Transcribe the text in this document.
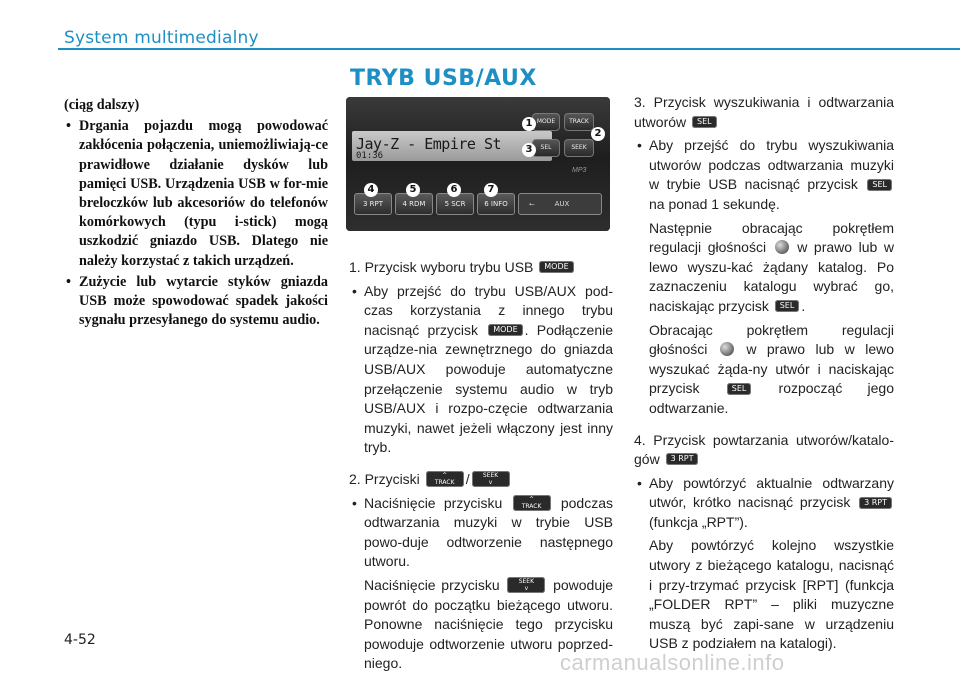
System multimedialny
TRYB USB/AUX
(ciąg dalszy)
• Drgania pojazdu mogą powodować zakłócenia połączenia, uniemożliwiają-ce prawidłowe działanie dysków lub pamięci USB. Urządzenia USB w for-mie breloczków lub akcesoriów do telefonów komórkowych (typu i-stick) mogą uszkodzić gniazdo USB. Dlatego nie należy korzystać z takich urządzeń.
• Zużycie lub wytarcie styków gniazda USB może spowodować spadek jakości sygnału przesyłanego do systemu audio.
Jay-Z - Empire St
01:36
MODE	TRACK
SEL	SEEK
MP3
3 RPT	4 RDM	5 SCR	6 INFO	⭠         AUX
1
2
3
4	5	6	7

1. Przycisk wyboru trybu USB MODE

• Aby przejść do trybu USB/AUX pod-czas korzystania z innego trybu nacisnąć przycisk MODE . Podłączenie urządze-nia zewnętrznego do gniazda USB/AUX powoduje automatyczne przełączenie systemu audio w tryb USB/AUX i rozpo-częcie odtwarzania muzyki, nawet jeżeli włączony jest inny tryb.

2. Przyciski	^
TRACK / SEEK
v

• Naciśnięcie przycisku	^
TRACK podczas odtwarzania muzyki w trybie USB powo-duje odtworzenie następnego utworu.

Naciśnięcie przycisku	SEEK
v powoduje powrót do początku bieżącego utworu. Ponowne naciśnięcie tego przycisku powoduje odtworzenie utworu poprzed-niego.

3. Przycisk wyszukiwania i odtwarzania utworów SEL

• Aby przejść do trybu wyszukiwania utworów podczas odtwarzania muzyki w trybie USB nacisnąć przycisk SEL na ponad 1 sekundę.

Następnie obracając pokrętłem regulacji głośności w prawo lub w lewo wyszu-kać żądany katalog. Po zaznaczeniu katalogu wybrać go, naciskając przycisk SEL .

Obracając pokrętłem regulacji głośności	w prawo lub w lewo wyszukać żąda-ny utwór i naciskając przycisk	SEL rozpocząć jego odtwarzanie.

4. Przycisk powtarzania utworów/katalo-gów 3 RPT

• Aby powtórzyć aktualnie odtwarzany utwór, krótko nacisnąć przycisk 3 RPT (funkcja „RPT”).

Aby powtórzyć kolejno wszystkie utwory z bieżącego katalogu, nacisnąć i przy-trzymać przycisk [RPT] (funkcja „FOLDER RPT” – pliki muzyczne muszą być zapi-sane w urządzeniu USB z podziałem na katalogi).

4-52
carmanualsonline.info
